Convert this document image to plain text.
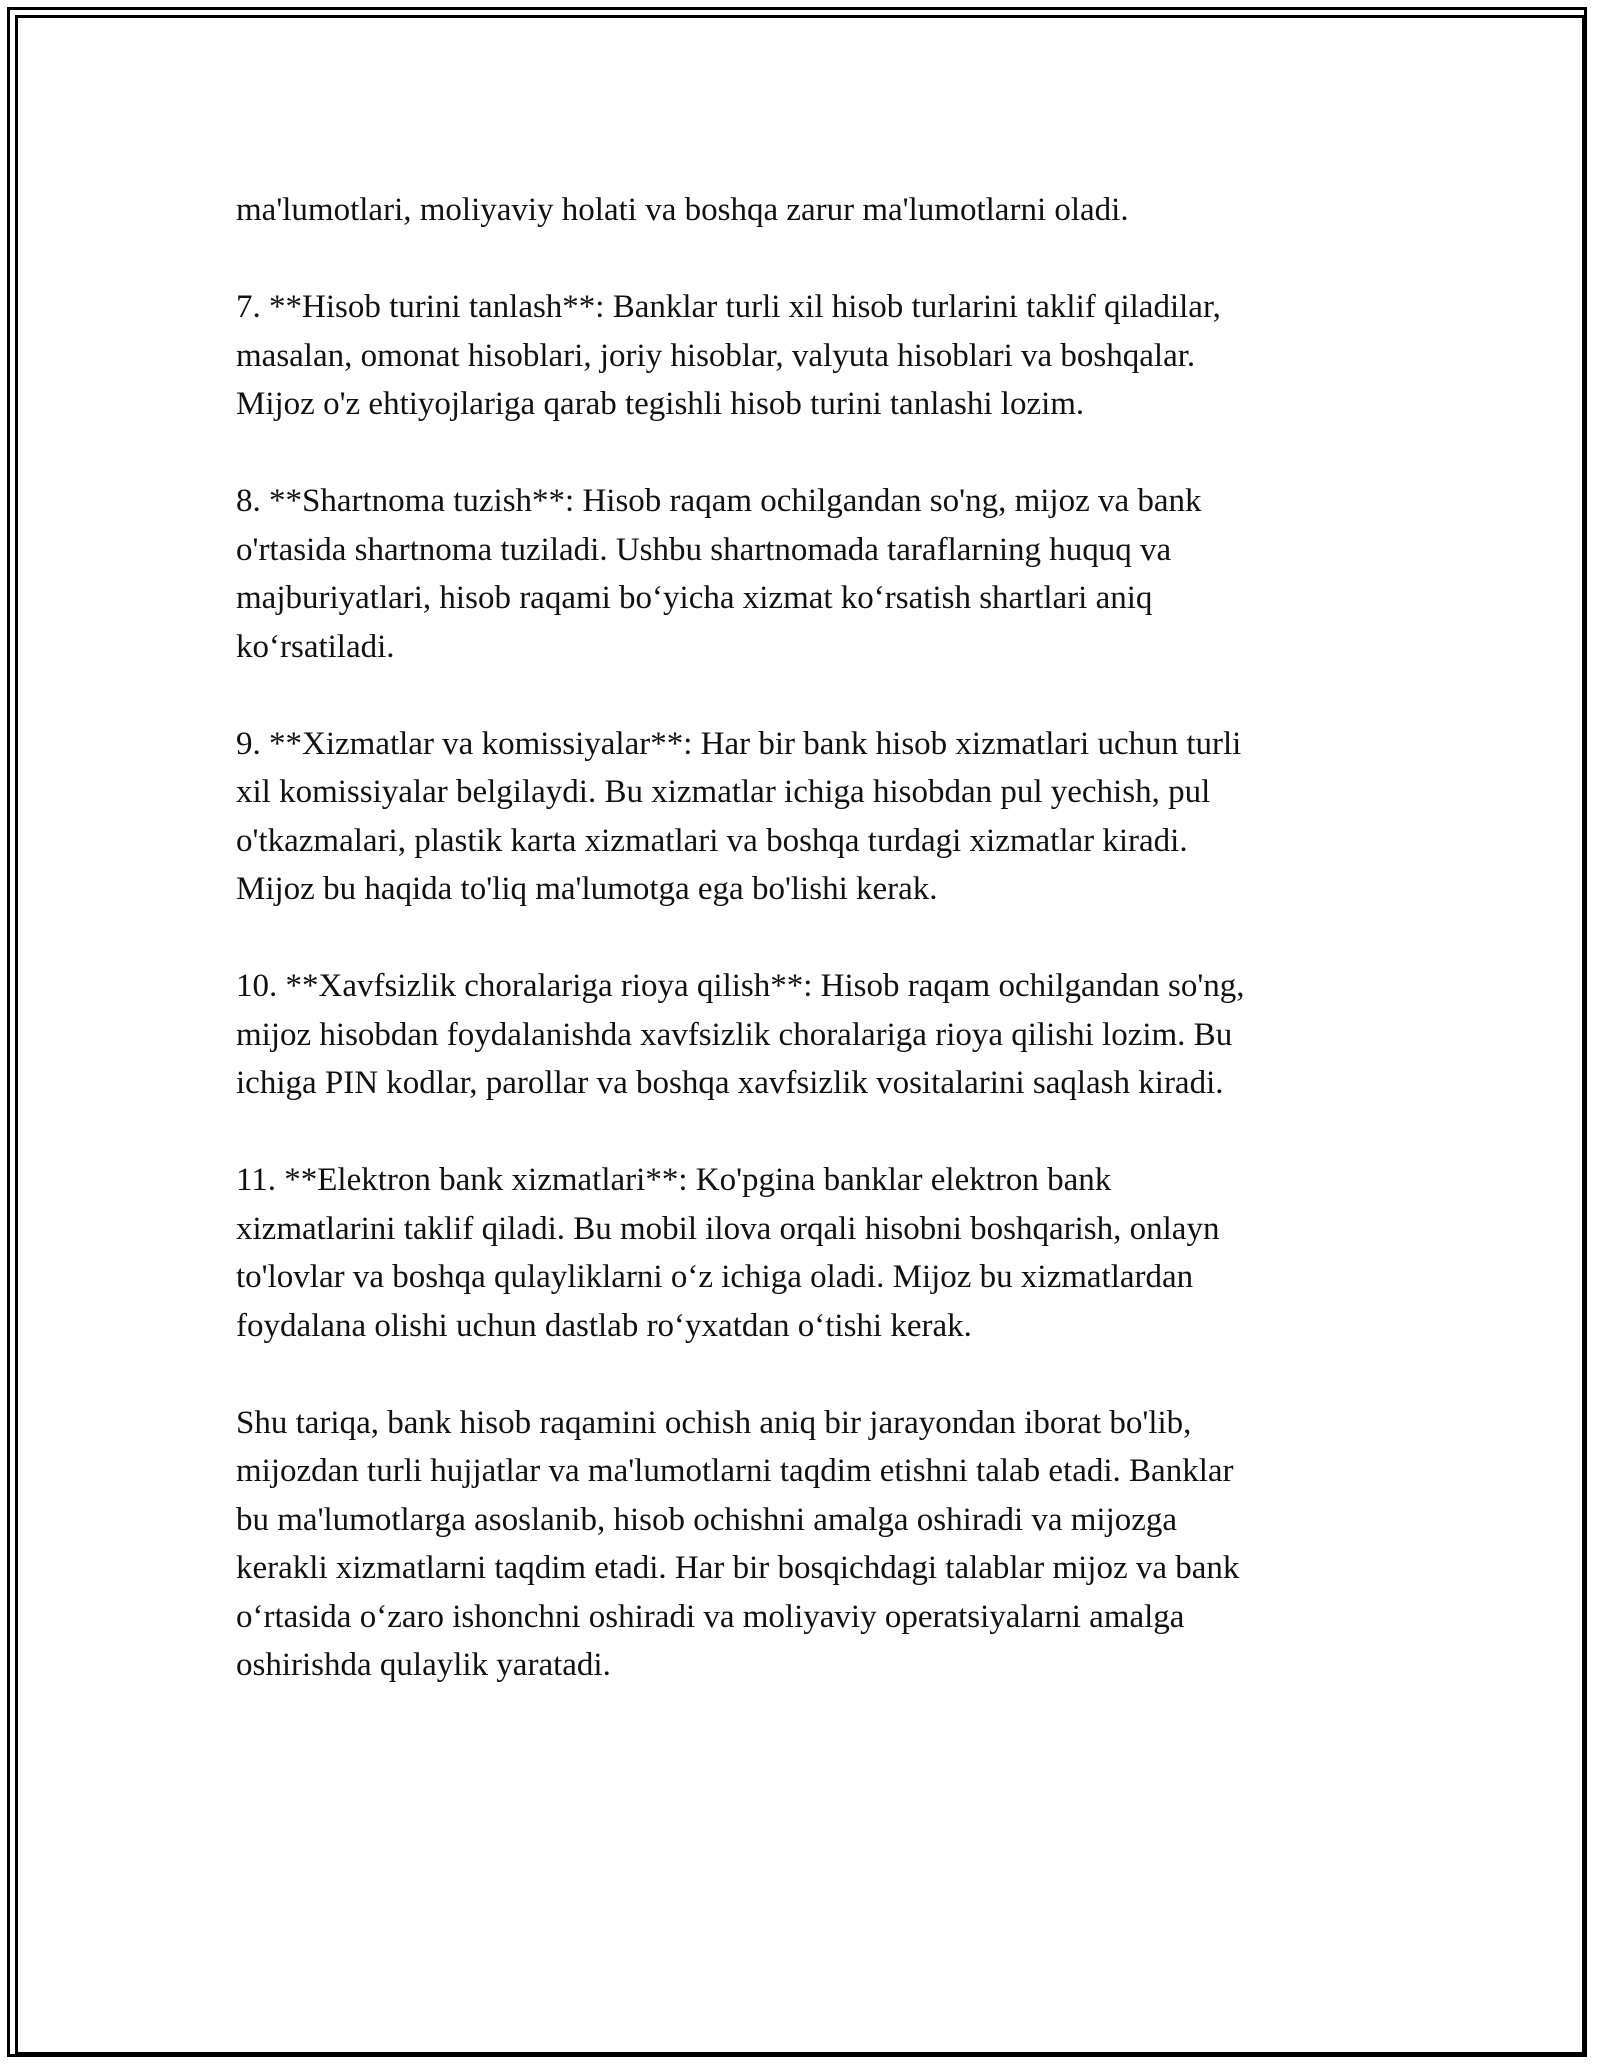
ma'lumotlari, moliyaviy holati va boshqa zarur ma'lumotlarni oladi.

7. **Hisob turini tanlash**: Banklar turli xil hisob turlarini taklif qiladilar,
masalan, omonat hisoblari, joriy hisoblar, valyuta hisoblari va boshqalar.
Mijoz o'z ehtiyojlariga qarab tegishli hisob turini tanlashi lozim.

8. **Shartnoma tuzish**: Hisob raqam ochilgandan so'ng, mijoz va bank
o'rtasida shartnoma tuziladi. Ushbu shartnomada taraflarning huquq va
majburiyatlari, hisob raqami bo‘yicha xizmat ko‘rsatish shartlari aniq
ko‘rsatiladi.

9. **Xizmatlar va komissiyalar**: Har bir bank hisob xizmatlari uchun turli
xil komissiyalar belgilaydi. Bu xizmatlar ichiga hisobdan pul yechish, pul
o'tkazmalari, plastik karta xizmatlari va boshqa turdagi xizmatlar kiradi.
Mijoz bu haqida to'liq ma'lumotga ega bo'lishi kerak.

10. **Xavfsizlik choralariga rioya qilish**: Hisob raqam ochilgandan so'ng,
mijoz hisobdan foydalanishda xavfsizlik choralariga rioya qilishi lozim. Bu
ichiga PIN kodlar, parollar va boshqa xavfsizlik vositalarini saqlash kiradi.

11. **Elektron bank xizmatlari**: Ko'pgina banklar elektron bank
xizmatlarini taklif qiladi. Bu mobil ilova orqali hisobni boshqarish, onlayn
to'lovlar va boshqa qulayliklarni o‘z ichiga oladi. Mijoz bu xizmatlardan
foydalana olishi uchun dastlab ro‘yxatdan o‘tishi kerak.

Shu tariqa, bank hisob raqamini ochish aniq bir jarayondan iborat bo'lib,
mijozdan turli hujjatlar va ma'lumotlarni taqdim etishni talab etadi. Banklar
bu ma'lumotlarga asoslanib, hisob ochishni amalga oshiradi va mijozga
kerakli xizmatlarni taqdim etadi. Har bir bosqichdagi talablar mijoz va bank
o‘rtasida o‘zaro ishonchni oshiradi va moliyaviy operatsiyalarni amalga
oshirishda qulaylik yaratadi.
